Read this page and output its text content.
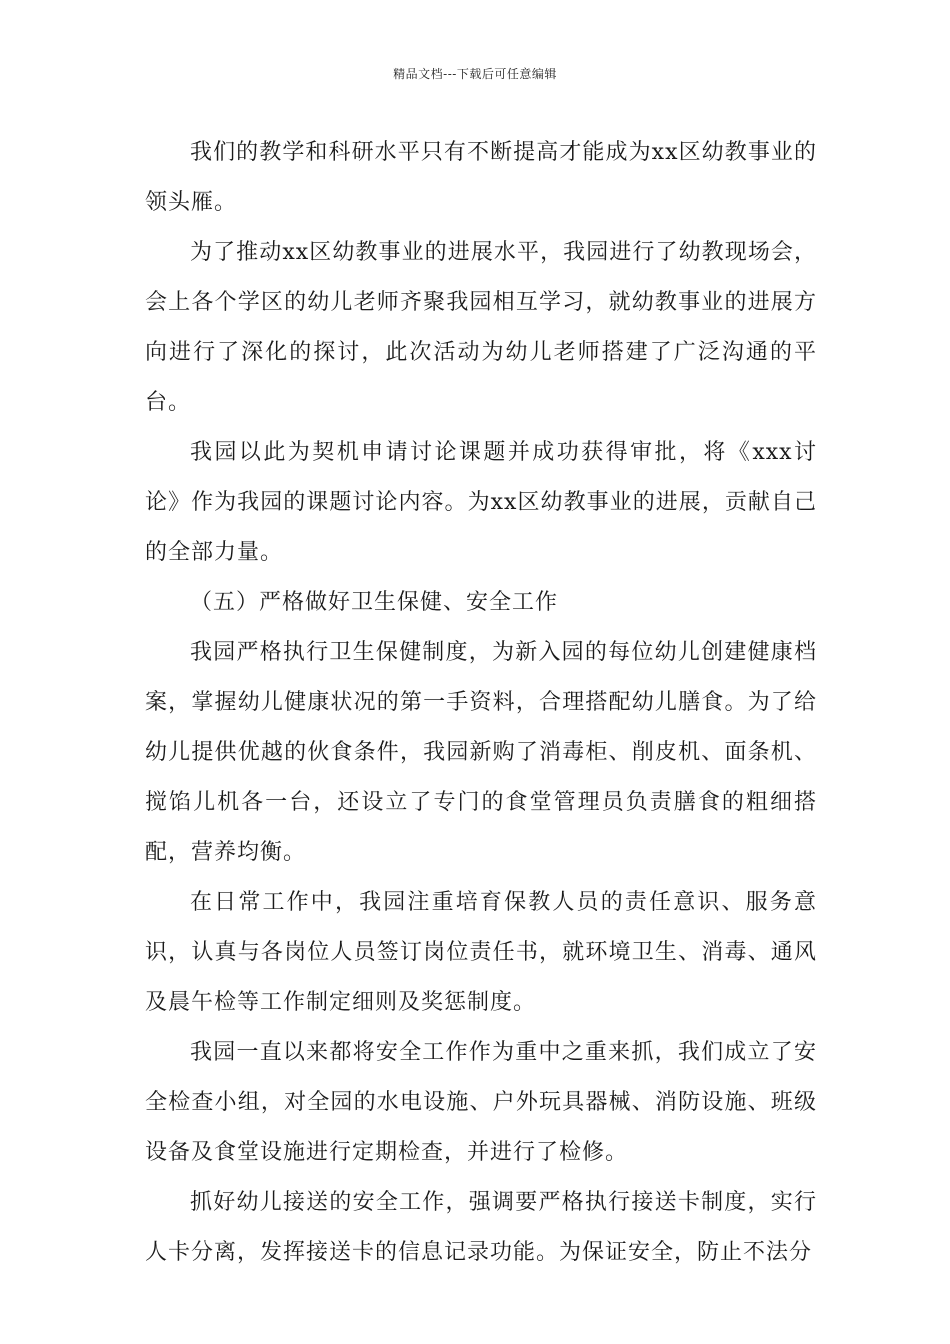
精品文档---下载后可任意编辑

我们的教学和科研水平只有不断提高才能成为xx区幼教事业的领头雁。

为了推动xx区幼教事业的进展水平，我园进行了幼教现场会，会上各个学区的幼儿老师齐聚我园相互学习，就幼教事业的进展方向进行了深化的探讨，此次活动为幼儿老师搭建了广泛沟通的平台。

我园以此为契机申请讨论课题并成功获得审批，将《xxx讨论》作为我园的课题讨论内容。为xx区幼教事业的进展，贡献自己的全部力量。

（五）严格做好卫生保健、安全工作

我园严格执行卫生保健制度，为新入园的每位幼儿创建健康档案，掌握幼儿健康状况的第一手资料，合理搭配幼儿膳食。为了给幼儿提供优越的伙食条件，我园新购了消毒柜、削皮机、面条机、搅馅儿机各一台，还设立了专门的食堂管理员负责膳食的粗细搭配，营养均衡。

在日常工作中，我园注重培育保教人员的责任意识、服务意识，认真与各岗位人员签订岗位责任书，就环境卫生、消毒、通风及晨午检等工作制定细则及奖惩制度。

我园一直以来都将安全工作作为重中之重来抓，我们成立了安全检查小组，对全园的水电设施、户外玩具器械、消防设施、班级设备及食堂设施进行定期检查，并进行了检修。

抓好幼儿接送的安全工作，强调要严格执行接送卡制度，实行人卡分离，发挥接送卡的信息记录功能。为保证安全，防止不法分
